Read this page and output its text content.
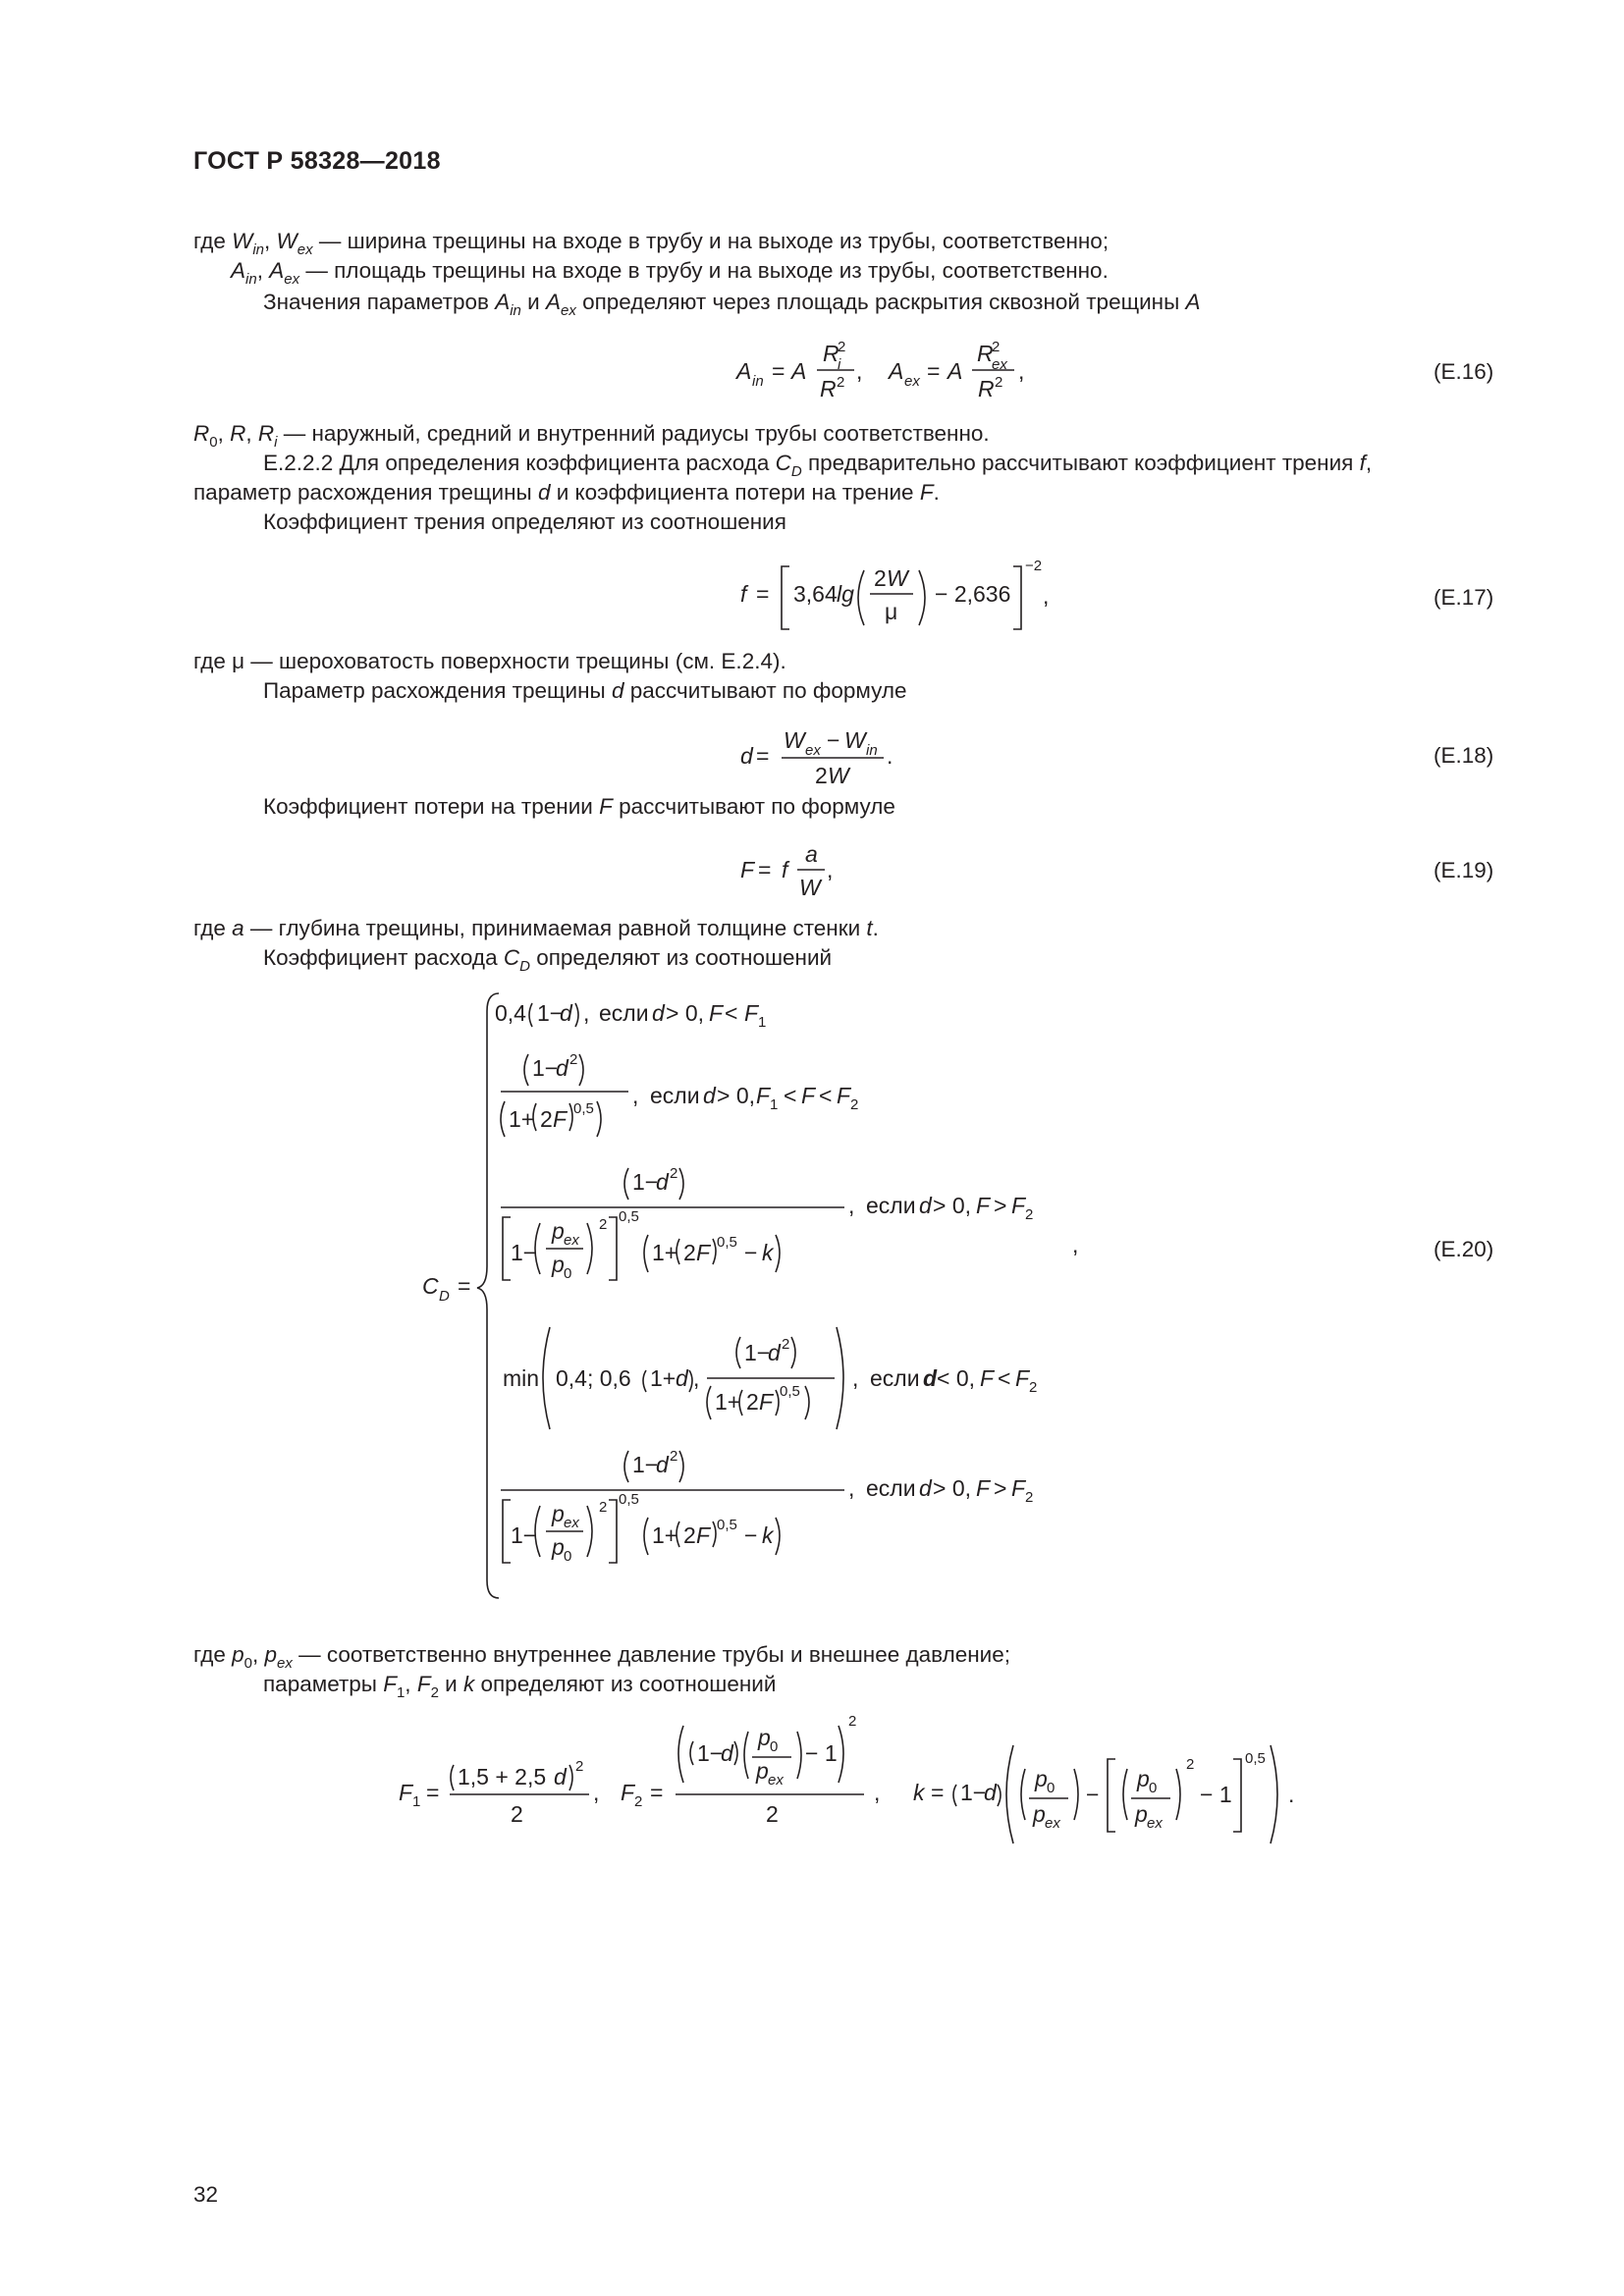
ГОСТ Р 58328—2018
где $W_{in}$, $W_{ex}$ — ширина трещины на входе в трубу и на выходе из трубы, соответственно;
$A_{in}$, $A_{ex}$ — площадь трещины на входе в трубу и на выходе из трубы, соответственно.
Значения параметров $A_{in}$ и $A_{ex}$ определяют через площадь раскрытия сквозной трещины A
A in = A
R
i
2
R 2 , A ex = A
R
ex
2
R 2 ,	(Е.16)
$R_0$, R, $R_i$ — наружный, средний и внутренний радиусы трубы соответственно.
Е.2.2.2 Для определения коэффициента расхода $C_D$ предварительно рассчитывают коэффициент трения f,
параметр расхождения трещины d и коэффициента потери на трение F.
Коэффициент трения определяют из соотношения
f = 3,64 lg
2 W
μ
− 2,636
−2
,	(Е.17)
где μ — шероховатость поверхности трещины (см. Е.2.4).
Параметр расхождения трещины d рассчитывают по формуле
d =
W ex − W in
2 W
.	(Е.18)
Коэффициент потери на трении F рассчитывают по формуле
F = f
a
W
,	(Е.19)
где a — глубина трещины, принимаемая равной толщине стенки t.
Коэффициент расхода $C_D$ определяют из соотношений
C D =
0,4 1−
d , если d > 0, F < F 1
1−
d 2
1+ 2 F 0,5
, если d > 0, F 1 < F < F 2
1−
d 2
1−
p ex
p 0
2 0,5
1+ 2 F 0,5 − k
, если d > 0, F > F 2
min 0,4; 0,6 1+ d ,
1−
d 2
1+ 2 F 0,5
, если d < 0, F < F 2
1−
d 2
1−
p ex
p 0
2 0,5
1+ 2 F 0,5 − k
, если d > 0, F > F 2
,	(Е.20)
где $p_0$, $p_{ex}$ — соответственно внутреннее давление трубы и внешнее давление;
параметры $F_1$, $F_2$ и k определяют из соотношений
F 1 =
1,5 + 2,5 d 2
2
, F 2 =
1−
d
p 0
p ex
− 1
2
2
, k = 1−
d
p 0
p ex
−
p 0
p ex
2
− 1
0,5
.
32
